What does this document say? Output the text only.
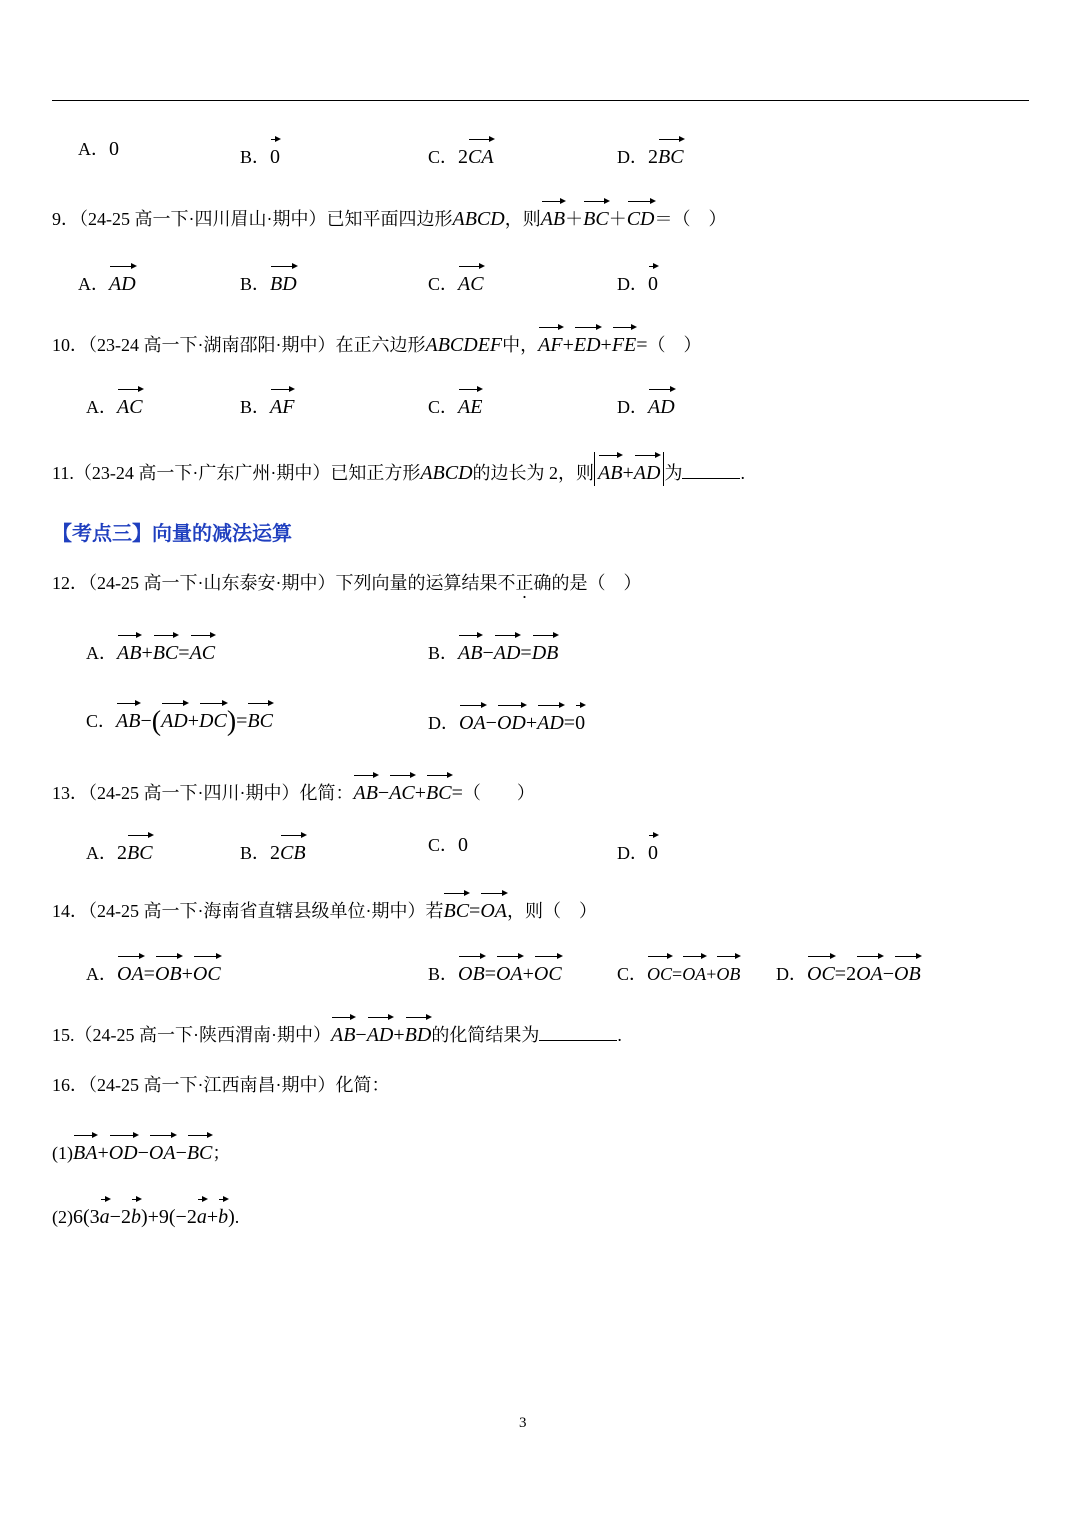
A．0	B．0	C．2CA	D．2BC
9．（24-25 高一下·四川眉山·期中）已知平面四边形ABCD，则AB＋BC＋CD＝（　）
A．AD	B．BD	C．AC	D．0
10．（23-24 高一下·湖南邵阳·期中）在正六边形ABCDEF中，AF+ED+FE=（　）
A．AC	B．AF	C．AE	D．AD
11.（23-24 高一下·广东广州·期中）已知正方形ABCD的边长为 2，则 AB+AD 为	.
【考点三】向量的减法运算
12．（24-25 高一下·山东泰安·期中）下列向量的运算结果不正确的是（　）
A．AB+BC=AC	B．AB−AD=DB
C．AB−(AD+DC)=BC	D．OA−OD+AD=0
13．（24-25 高一下·四川·期中）化简：AB−AC+BC=（　　）
A．2BC	B．2CB	C．0	D．0
14．（24-25 高一下·海南省直辖县级单位·期中）若BC=OA，则（　）
A．OA=OB+OC	B．OB=OA+OC	C．OC=OA+OB D．OC=2OA−OB
15.（24-25 高一下·陕西渭南·期中）AB−AD+BD的化简结果为	.
16．（24-25 高一下·江西南昌·期中）化简：
(1)BA+OD−OA−BC；
(2)6(3a−2b)+9(−2a+b).
3
